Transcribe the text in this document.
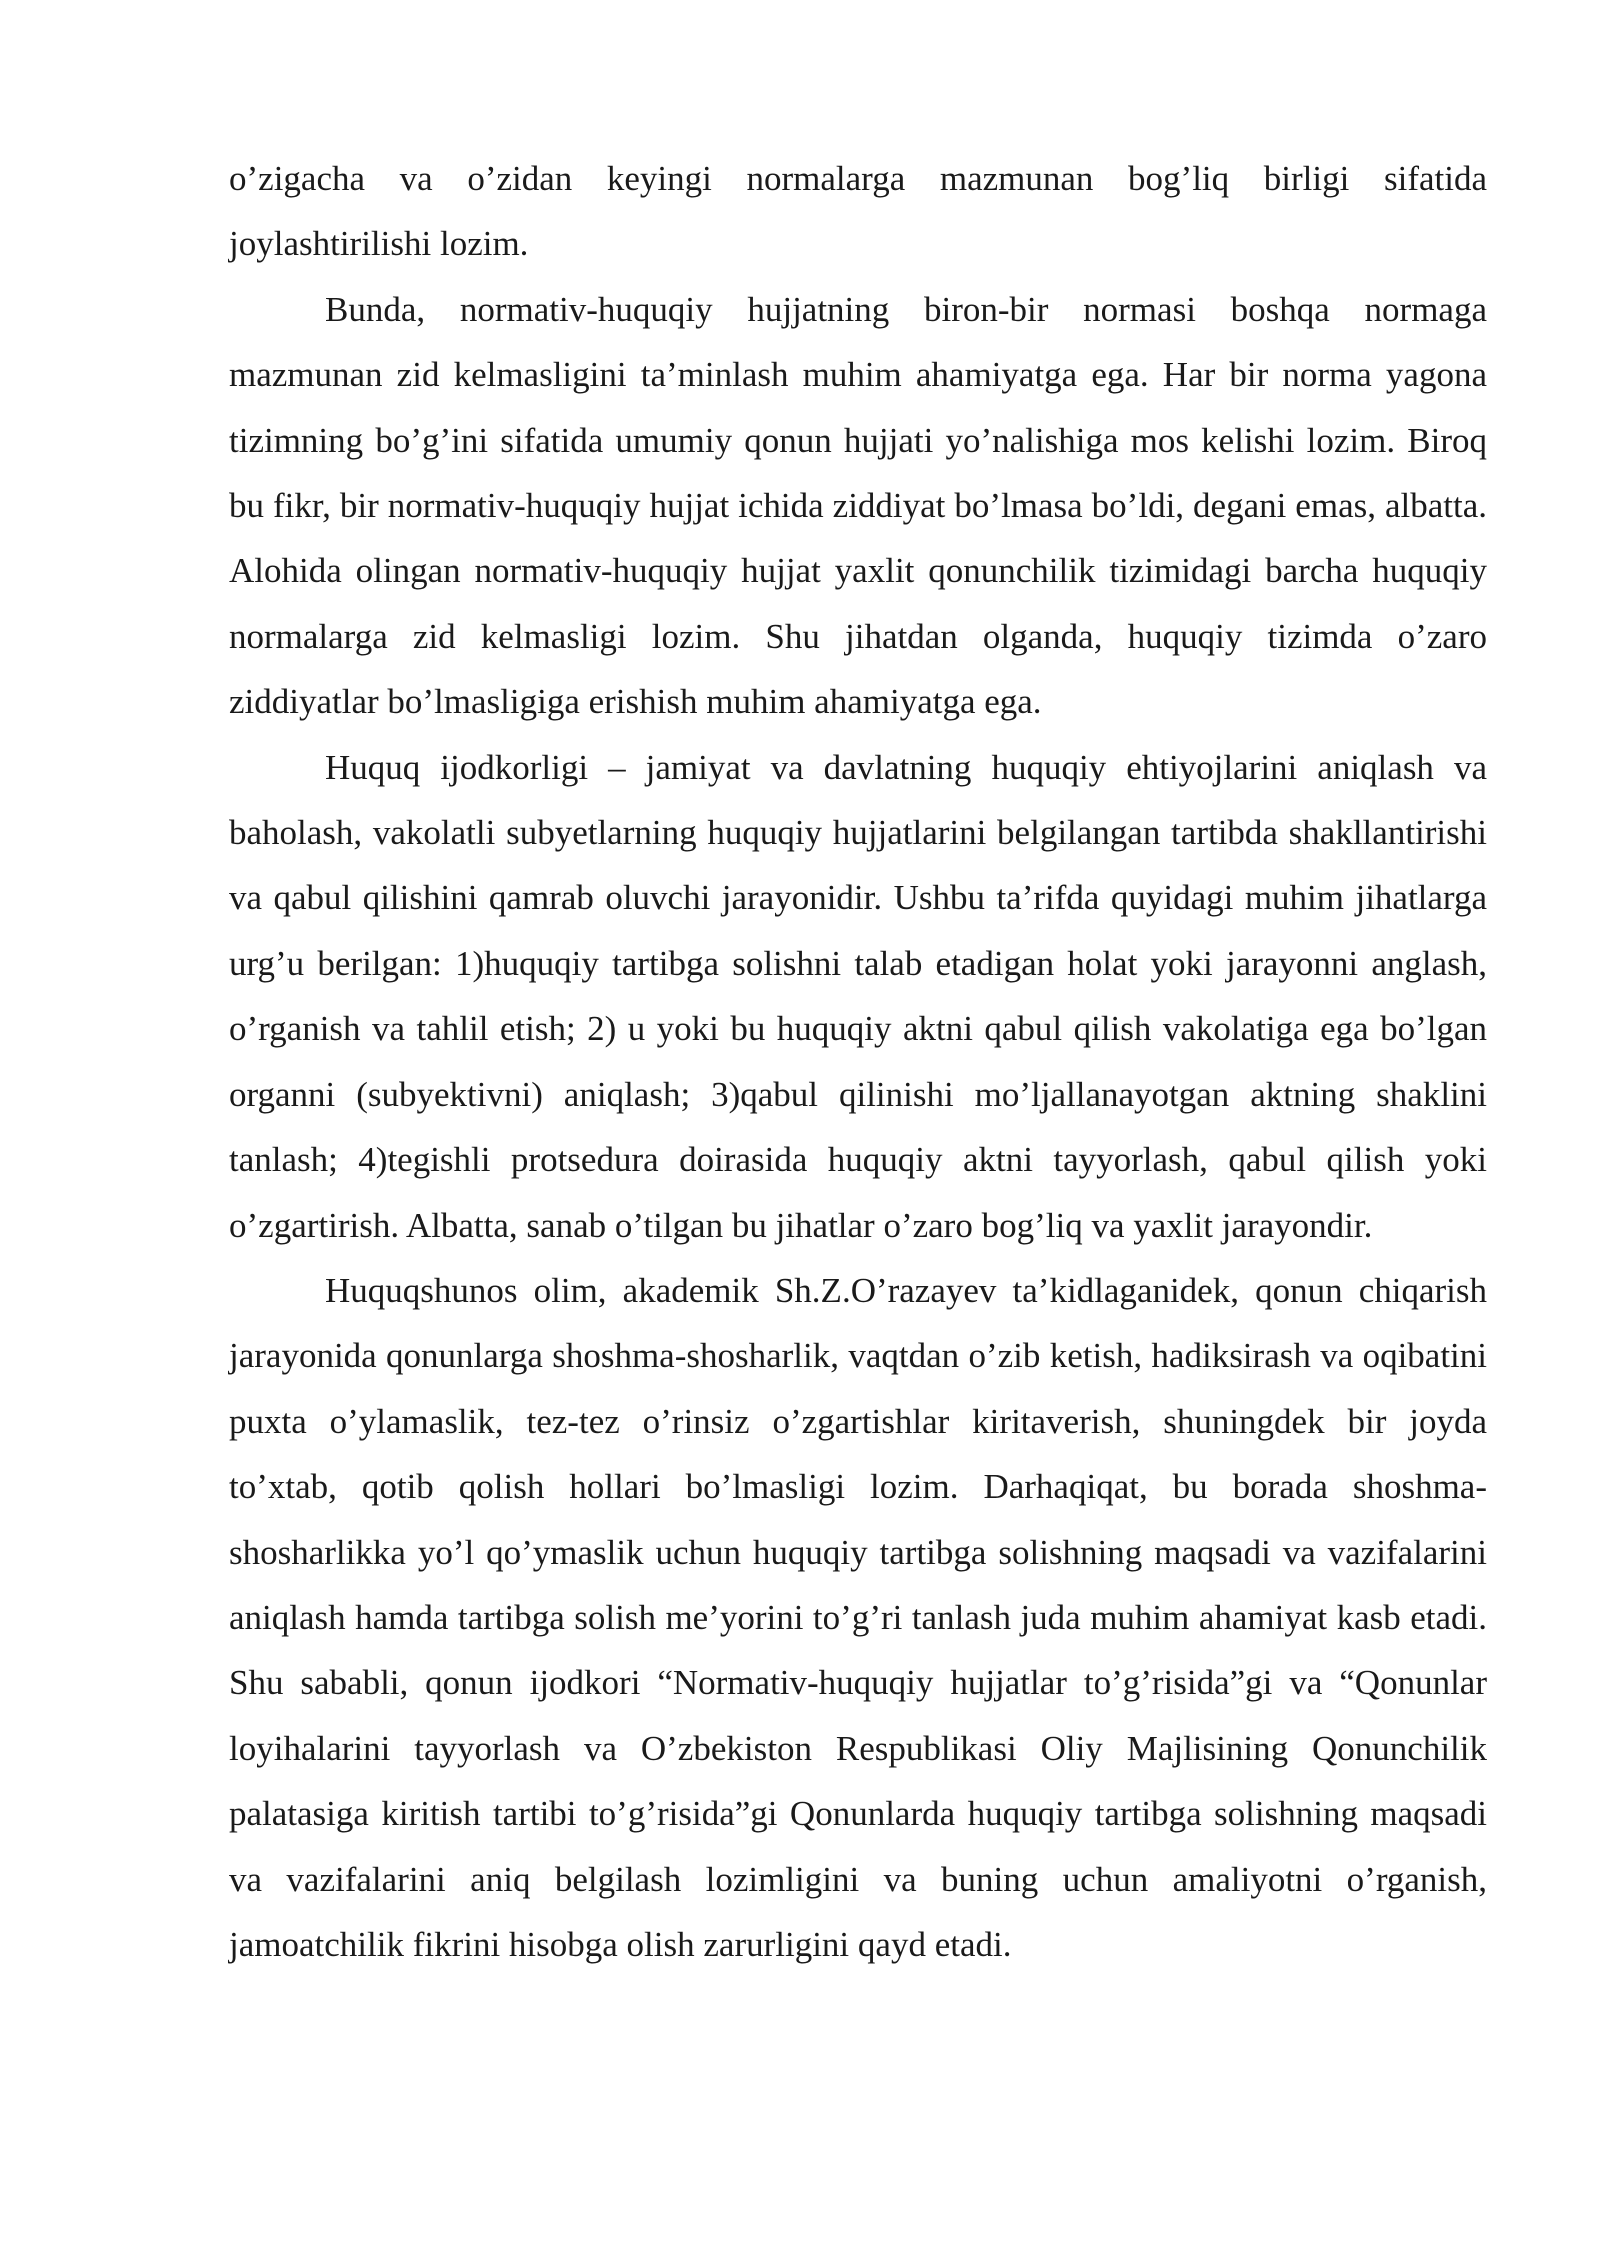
o’zigacha va o’zidan keyingi normalarga mazmunan bog’liq birligi sifatida joylashtirilishi lozim.

Bunda, normativ-huquqiy hujjatning biron-bir normasi boshqa normaga mazmunan zid kelmasligini ta’minlash muhim ahamiyatga ega. Har bir norma yagona tizimning bo’g’ini sifatida umumiy qonun hujjati yo’nalishiga mos kelishi lozim. Biroq bu fikr, bir normativ-huquqiy hujjat ichida ziddiyat bo’lmasa bo’ldi, degani emas, albatta. Alohida olingan normativ-huquqiy hujjat yaxlit qonunchilik tizimidagi barcha huquqiy normalarga zid kelmasligi lozim. Shu jihatdan olganda, huquqiy tizimda o’zaro ziddiyatlar bo’lmasligiga erishish muhim ahamiyatga ega.

Huquq ijodkorligi – jamiyat va davlatning huquqiy ehtiyojlarini aniqlash va baholash, vakolatli subyetlarning huquqiy hujjatlarini belgilangan tartibda shakllantirishi va qabul qilishini qamrab oluvchi jarayonidir. Ushbu ta’rifda quyidagi muhim jihatlarga urg’u berilgan: 1)huquqiy tartibga solishni talab etadigan holat yoki jarayonni anglash, o’rganish va tahlil etish; 2) u yoki bu huquqiy aktni qabul qilish vakolatiga ega bo’lgan organni (subyektivni) aniqlash; 3)qabul qilinishi mo’ljallanayotgan aktning shaklini tanlash; 4)tegishli protsedura doirasida huquqiy aktni tayyorlash, qabul qilish yoki o’zgartirish. Albatta, sanab o’tilgan bu jihatlar o’zaro bog’liq va yaxlit jarayondir.

Huquqshunos olim, akademik Sh.Z.O’razayev ta’kidlaganidek, qonun chiqarish jarayonida qonunlarga shoshma-shosharlik, vaqtdan o’zib ketish, hadiksirash va oqibatini puxta o’ylamaslik, tez-tez o’rinsiz o’zgartishlar kiritaverish, shuningdek bir joyda to’xtab, qotib qolish hollari bo’lmasligi lozim. Darhaqiqat, bu borada shoshma-shosharlikka yo’l qo’ymaslik uchun huquqiy tartibga solishning maqsadi va vazifalarini aniqlash hamda tartibga solish me’yorini to’g’ri tanlash juda muhim ahamiyat kasb etadi. Shu sababli, qonun ijodkori “Normativ-huquqiy hujjatlar to’g’risida”gi va “Qonunlar loyihalarini tayyorlash va O’zbekiston Respublikasi Oliy Majlisining Qonunchilik palatasiga kiritish tartibi to’g’risida”gi Qonunlarda huquqiy tartibga solishning maqsadi va vazifalarini aniq belgilash lozimligini va buning uchun amaliyotni o’rganish, jamoatchilik fikrini hisobga olish zarurligini qayd etadi.
